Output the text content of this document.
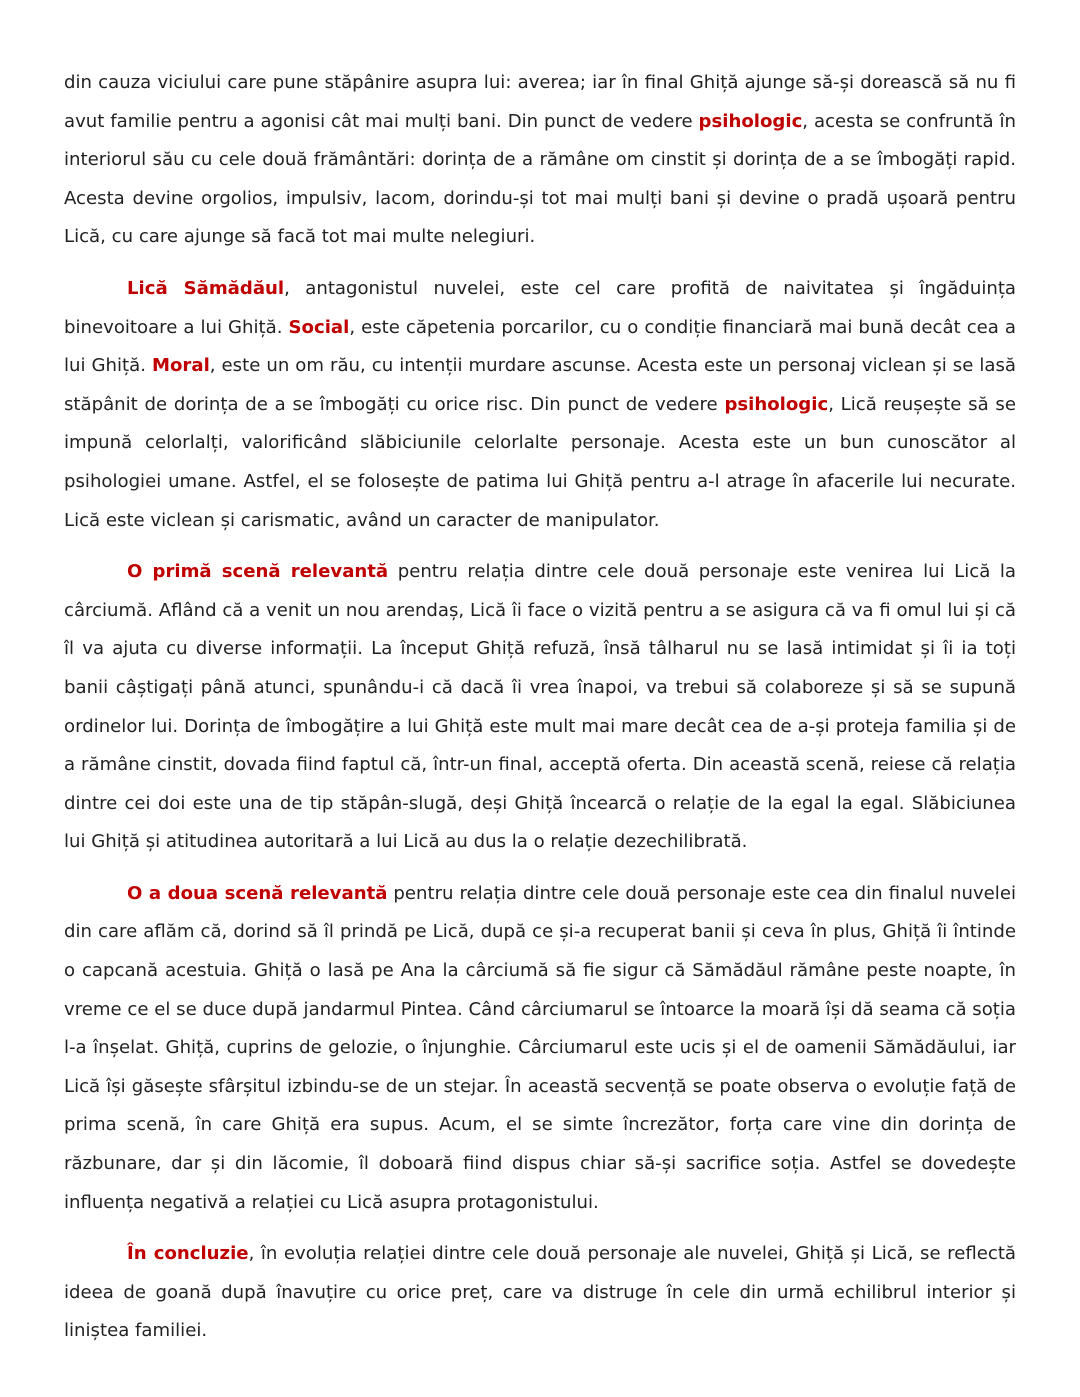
din cauza viciului care pune stăpânire asupra lui: averea; iar în final Ghiță ajunge să-și dorească să nu fi avut familie pentru a agonisi cât mai mulți bani. Din punct de vedere psihologic, acesta se confruntă în interiorul său cu cele două frământări: dorința de a rămâne om cinstit și dorința de a se îmbogăți rapid. Acesta devine orgolios, impulsiv, lacom, dorindu-și tot mai mulți bani și devine o pradă ușoară pentru Lică, cu care ajunge să facă tot mai multe nelegiuri.

Lică Sămădăul, antagonistul nuvelei, este cel care profită de naivitatea și îngăduința binevoitoare a lui Ghiță. Social, este căpetenia porcarilor, cu o condiție financiară mai bună decât cea a lui Ghiță. Moral, este un om rău, cu intenții murdare ascunse. Acesta este un personaj viclean și se lasă stăpânit de dorința de a se îmbogăți cu orice risc. Din punct de vedere psihologic, Lică reușește să se impună celorlalți, valorificând slăbiciunile celorlalte personaje. Acesta este un bun cunoscător al psihologiei umane. Astfel, el se folosește de patima lui Ghiță pentru a-l atrage în afacerile lui necurate. Lică este viclean și carismatic, având un caracter de manipulator.

O primă scenă relevantă pentru relația dintre cele două personaje este venirea lui Lică la cârciumă. Aflând că a venit un nou arendaș, Lică îi face o vizită pentru a se asigura că va fi omul lui și că îl va ajuta cu diverse informații. La început Ghiță refuză, însă tâlharul nu se lasă intimidat și îi ia toți banii câștigați până atunci, spunându-i că dacă îi vrea înapoi, va trebui să colaboreze și să se supună ordinelor lui. Dorința de îmbogățire a lui Ghiță este mult mai mare decât cea de a-și proteja familia și de a rămâne cinstit, dovada fiind faptul că, într-un final, acceptă oferta. Din această scenă, reiese că relația dintre cei doi este una de tip stăpân-slugă, deși Ghiță încearcă o relație de la egal la egal. Slăbiciunea lui Ghiță și atitudinea autoritară a lui Lică au dus la o relație dezechilibrată.

O a doua scenă relevantă pentru relația dintre cele două personaje este cea din finalul nuvelei din care aflăm că, dorind să îl prindă pe Lică, după ce și-a recuperat banii și ceva în plus, Ghiță îi întinde o capcană acestuia. Ghiță o lasă pe Ana la cârciumă să fie sigur că Sămădăul rămâne peste noapte, în vreme ce el se duce după jandarmul Pintea. Când cârciumarul se întoarce la moară își dă seama că soția l-a înșelat. Ghiță, cuprins de gelozie, o înjunghie. Cârciumarul este ucis și el de oamenii Sămădăului, iar Lică își găsește sfârșitul izbindu-se de un stejar. În această secvență se poate observa o evoluție față de prima scenă, în care Ghiță era supus. Acum, el se simte încrezător, forța care vine din dorința de răzbunare, dar și din lăcomie, îl doboară fiind dispus chiar să-și sacrifice soția. Astfel se dovedește influența negativă a relației cu Lică asupra protagonistului.

În concluzie, în evoluția relației dintre cele două personaje ale nuvelei, Ghiță și Lică, se reflectă ideea de goană după înavuțire cu orice preț, care va distruge în cele din urmă echilibrul interior și liniștea familiei.
